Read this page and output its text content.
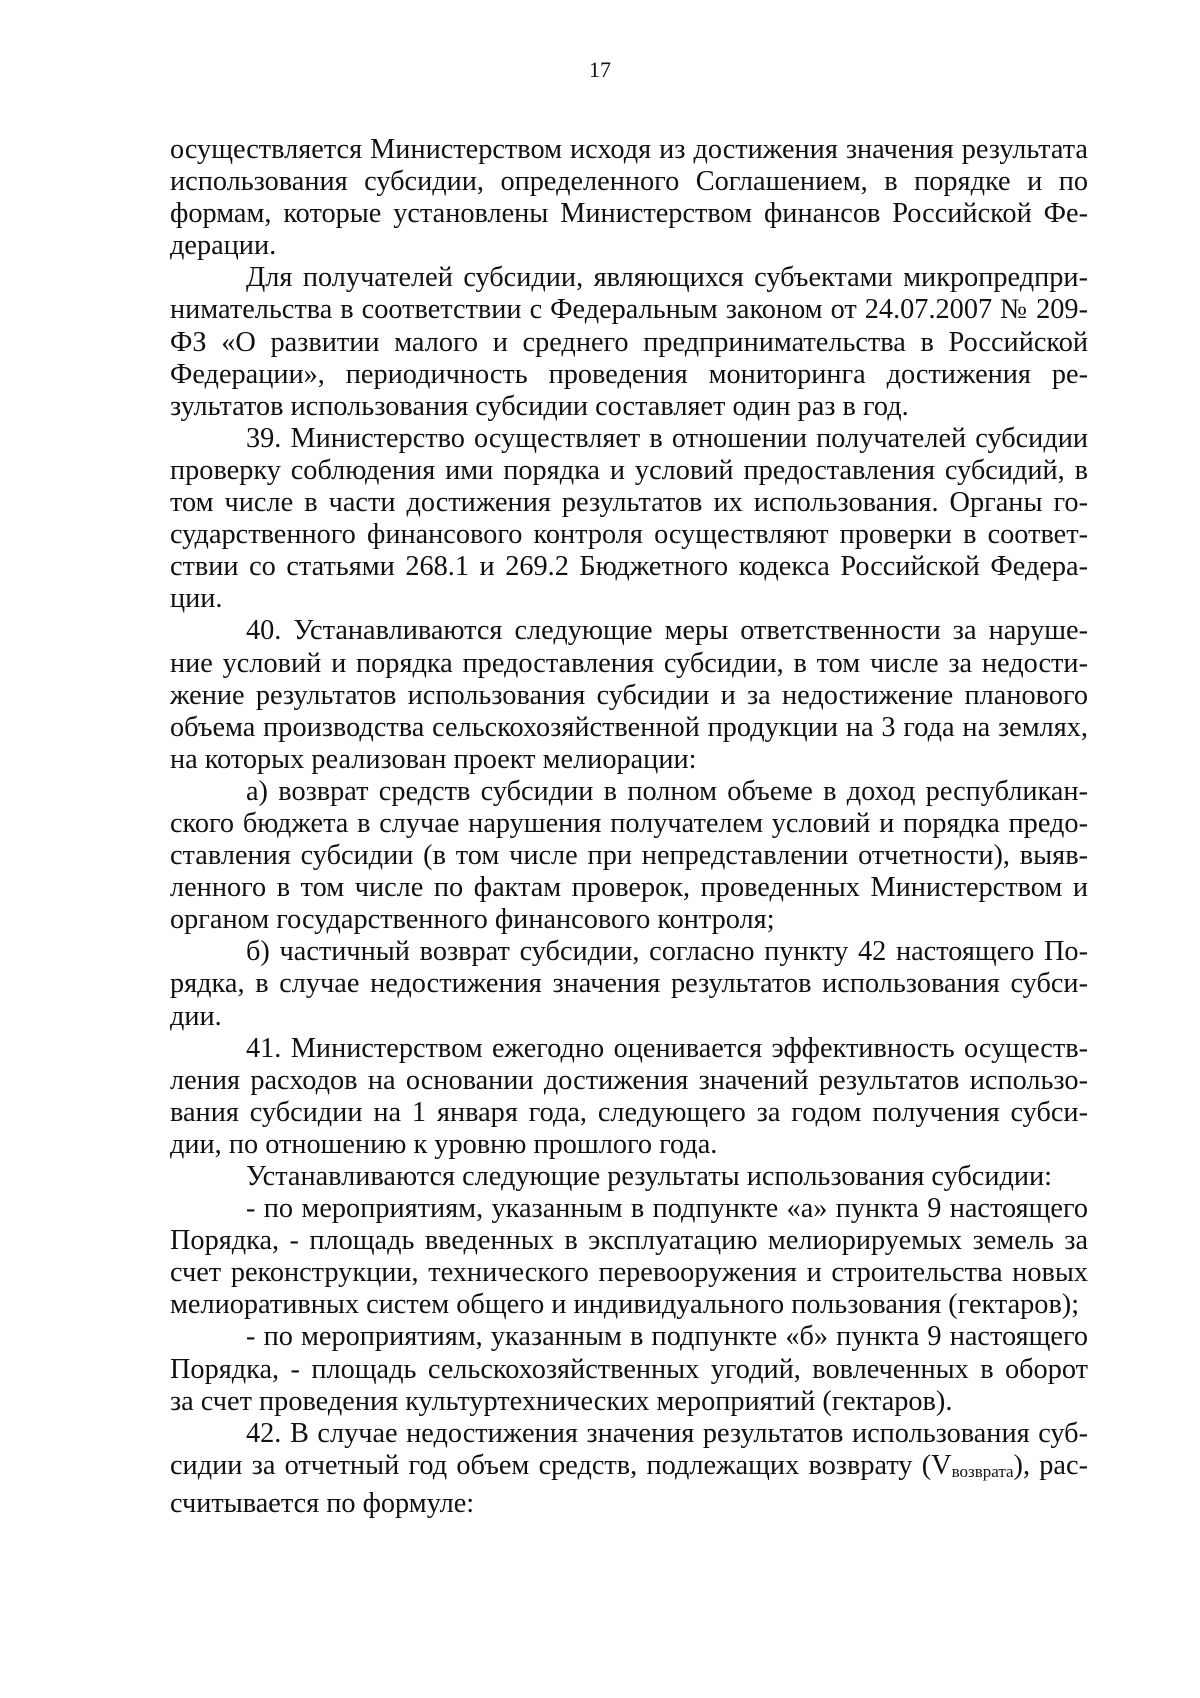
17

осуществляется Министерством исходя из достижения значения результата использования субсидии, определенного Соглашением, в порядке и по формам, которые установлены Министерством финансов Российской Федерации.

Для получателей субсидии, являющихся субъектами микропредпринимательства в соответствии с Федеральным законом от 24.07.2007 № 209-ФЗ «О развитии малого и среднего предпринимательства в Российской Федерации», периодичность проведения мониторинга достижения результатов использования субсидии составляет один раз в год.

39. Министерство осуществляет в отношении получателей субсидии проверку соблюдения ими порядка и условий предоставления субсидий, в том числе в части достижения результатов их использования. Органы государственного финансового контроля осуществляют проверки в соответствии со статьями 268.1 и 269.2 Бюджетного кодекса Российской Федерации.

40. Устанавливаются следующие меры ответственности за нарушение условий и порядка предоставления субсидии, в том числе за недостижение результатов использования субсидии и за недостижение планового объема производства сельскохозяйственной продукции на 3 года на землях, на которых реализован проект мелиорации:

а) возврат средств субсидии в полном объеме в доход республиканского бюджета в случае нарушения получателем условий и порядка предоставления субсидии (в том числе при непредставлении отчетности), выявленного в том числе по фактам проверок, проведенных Министерством и органом государственного финансового контроля;

б) частичный возврат субсидии, согласно пункту 42 настоящего Порядка, в случае недостижения значения результатов использования субсидии.

41. Министерством ежегодно оценивается эффективность осуществления расходов на основании достижения значений результатов использования субсидии на 1 января года, следующего за годом получения субсидии, по отношению к уровню прошлого года.

Устанавливаются следующие результаты использования субсидии:

- по мероприятиям, указанным в подпункте «а» пункта 9 настоящего Порядка, - площадь введенных в эксплуатацию мелиорируемых земель за счет реконструкции, технического перевооружения и строительства новых мелиоративных систем общего и индивидуального пользования (гектаров);

- по мероприятиям, указанным в подпункте «б» пункта 9 настоящего Порядка, - площадь сельскохозяйственных угодий, вовлеченных в оборот за счет проведения культуртехнических мероприятий (гектаров).

42. В случае недостижения значения результатов использования субсидии за отчетный год объем средств, подлежащих возврату (Vвозврата), рассчитывается по формуле:
